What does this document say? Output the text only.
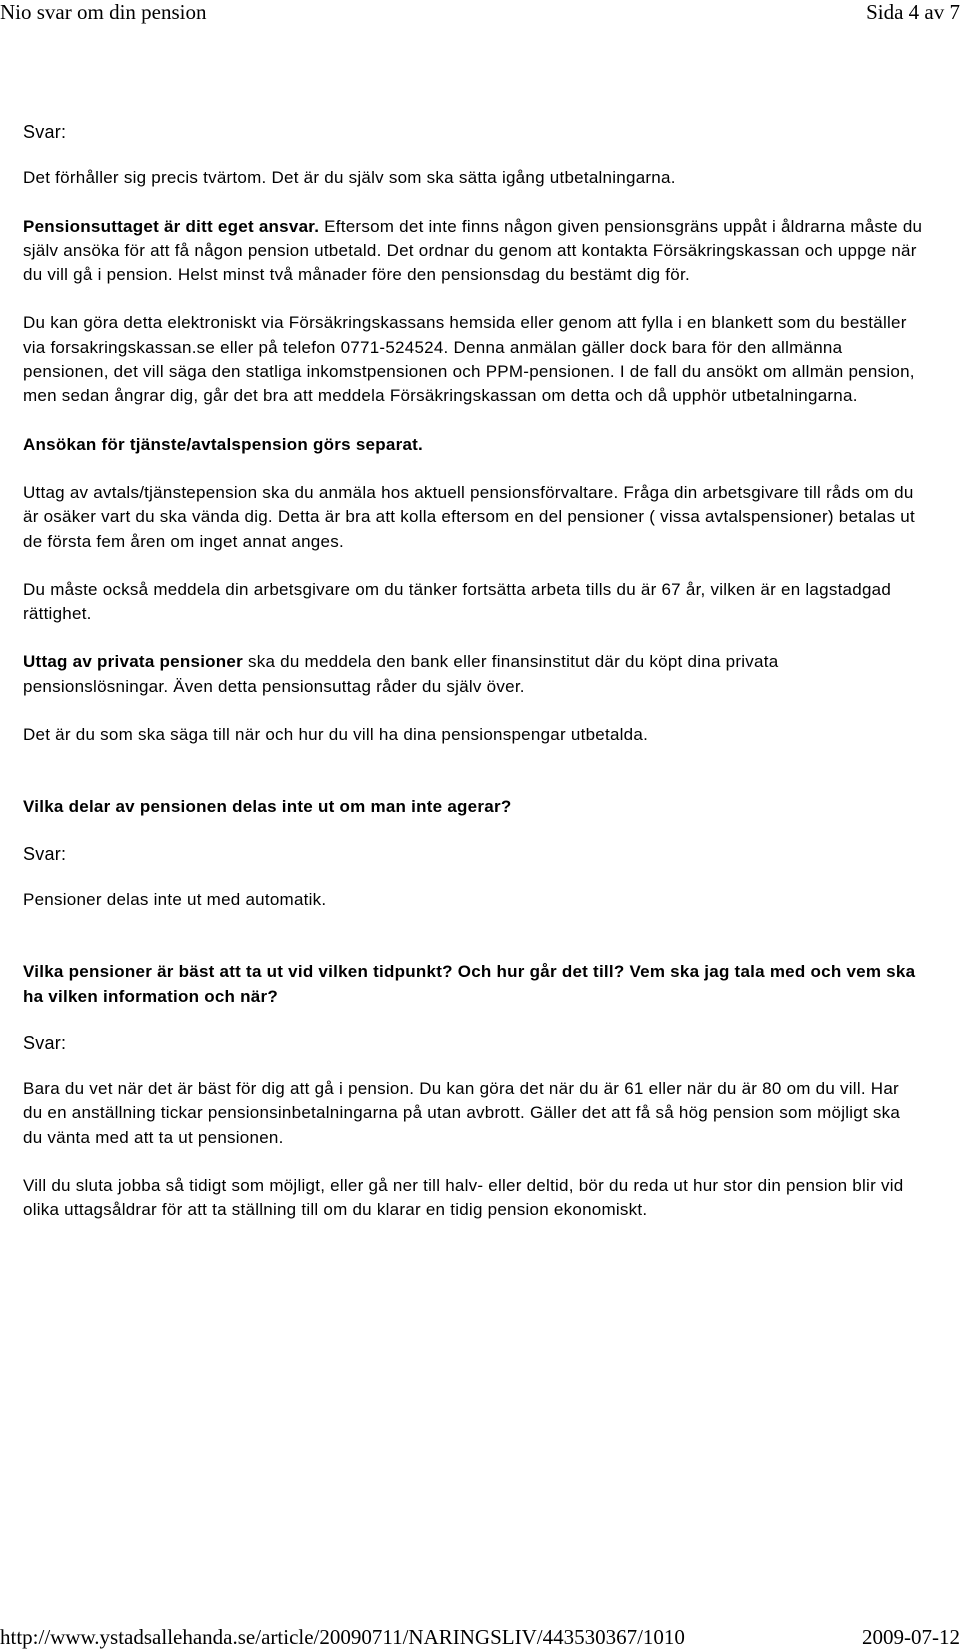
Nio svar om din pension	Sida 4 av 7

Svar:

Det förhåller sig precis tvärtom. Det är du själv som ska sätta igång utbetalningarna.

Pensionsuttaget är ditt eget ansvar. Eftersom det inte finns någon given pensionsgräns uppåt i åldrarna måste du själv ansöka för att få någon pension utbetald. Det ordnar du genom att kontakta Försäkringskassan och uppge när du vill gå i pension. Helst minst två månader före den pensionsdag du bestämt dig för.

Du kan göra detta elektroniskt via Försäkringskassans hemsida eller genom att fylla i en blankett som du beställer via forsakringskassan.se eller på telefon 0771-524524. Denna anmälan gäller dock bara för den allmänna pensionen, det vill säga den statliga inkomstpensionen och PPM-pensionen. I de fall du ansökt om allmän pension, men sedan ångrar dig, går det bra att meddela Försäkringskassan om detta och då upphör utbetalningarna.

Ansökan för tjänste/avtalspension görs separat.

Uttag av avtals/tjänstepension ska du anmäla hos aktuell pensionsförvaltare. Fråga din arbetsgivare till råds om du är osäker vart du ska vända dig. Detta är bra att kolla eftersom en del pensioner ( vissa avtalspensioner) betalas ut de första fem åren om inget annat anges.

Du måste också meddela din arbetsgivare om du tänker fortsätta arbeta tills du är 67 år, vilken är en lagstadgad rättighet.

Uttag av privata pensioner ska du meddela den bank eller finansinstitut där du köpt dina privata pensionslösningar. Även detta pensionsuttag råder du själv över.

Det är du som ska säga till när och hur du vill ha dina pensionspengar utbetalda.

Vilka delar av pensionen delas inte ut om man inte agerar?

Svar:

Pensioner delas inte ut med automatik.

Vilka pensioner är bäst att ta ut vid vilken tidpunkt? Och hur går det till? Vem ska jag tala med och vem ska ha vilken information och när?

Svar:

Bara du vet när det är bäst för dig att gå i pension. Du kan göra det när du är 61 eller när du är 80 om du vill. Har du en anställning tickar pensionsinbetalningarna på utan avbrott. Gäller det att få så hög pension som möjligt ska du vänta med att ta ut pensionen.

Vill du sluta jobba så tidigt som möjligt, eller gå ner till halv- eller deltid, bör du reda ut hur stor din pension blir vid olika uttagsåldrar för att ta ställning till om du klarar en tidig pension ekonomiskt.

http://www.ystadsallehanda.se/article/20090711/NARINGSLIV/443530367/1010	2009-07-12
